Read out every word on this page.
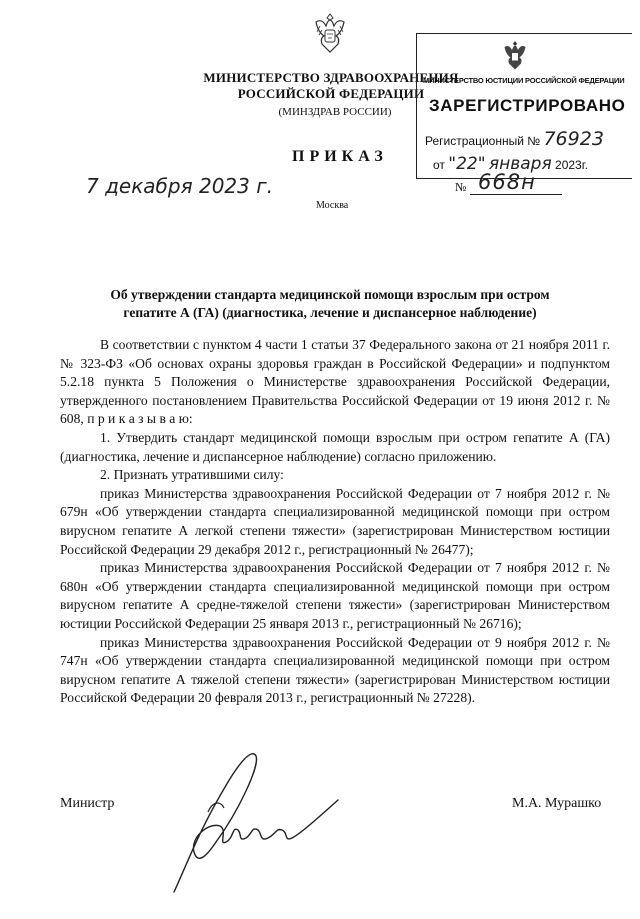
МИНИСТЕРСТВО ЗДРАВООХРАНЕНИЯ
РОССИЙСКОЙ ФЕДЕРАЦИИ
(МИНЗДРАВ РОССИИ)
МИНИСТЕРСТВО ЮСТИЦИИ РОССИЙСКОЙ ФЕДЕРАЦИИ
ЗАРЕГИСТРИРОВАНО
Регистрационный № 76923
от "22" января 2023г.
ПРИКАЗ
7 декабря 2023 г.	№ 668н
Москва
Об утверждении стандарта медицинской помощи взрослым при остром
гепатите А (ГА) (диагностика, лечение и диспансерное наблюдение)

В соответствии с пунктом 4 части 1 статьи 37 Федерального закона от 21 ноября 2011 г. № 323-ФЗ «Об основах охраны здоровья граждан в Российской Федерации» и подпунктом 5.2.18 пункта 5 Положения о Министерстве здравоохранения Российской Федерации, утвержденного постановлением Правительства Российской Федерации от 19 июня 2012 г. № 608, п р и к а з ы в а ю:

1. Утвердить стандарт медицинской помощи взрослым при остром гепатите А (ГА) (диагностика, лечение и диспансерное наблюдение) согласно приложению.

2. Признать утратившими силу:

приказ Министерства здравоохранения Российской Федерации от 7 ноября 2012 г. № 679н «Об утверждении стандарта специализированной медицинской помощи при остром вирусном гепатите А легкой степени тяжести» (зарегистрирован Министерством юстиции Российской Федерации 29 декабря 2012 г., регистрационный № 26477);

приказ Министерства здравоохранения Российской Федерации от 7 ноября 2012 г. № 680н «Об утверждении стандарта специализированной медицинской помощи при остром вирусном гепатите А средне-тяжелой степени тяжести» (зарегистрирован Министерством юстиции Российской Федерации 25 января 2013 г., регистрационный № 26716);

приказ Министерства здравоохранения Российской Федерации от 9 ноября 2012 г. № 747н «Об утверждении стандарта специализированной медицинской помощи при остром вирусном гепатите А тяжелой степени тяжести» (зарегистрирован Министерством юстиции Российской Федерации 20 февраля 2013 г., регистрационный № 27228).

Министр	М.А. Мурашко
